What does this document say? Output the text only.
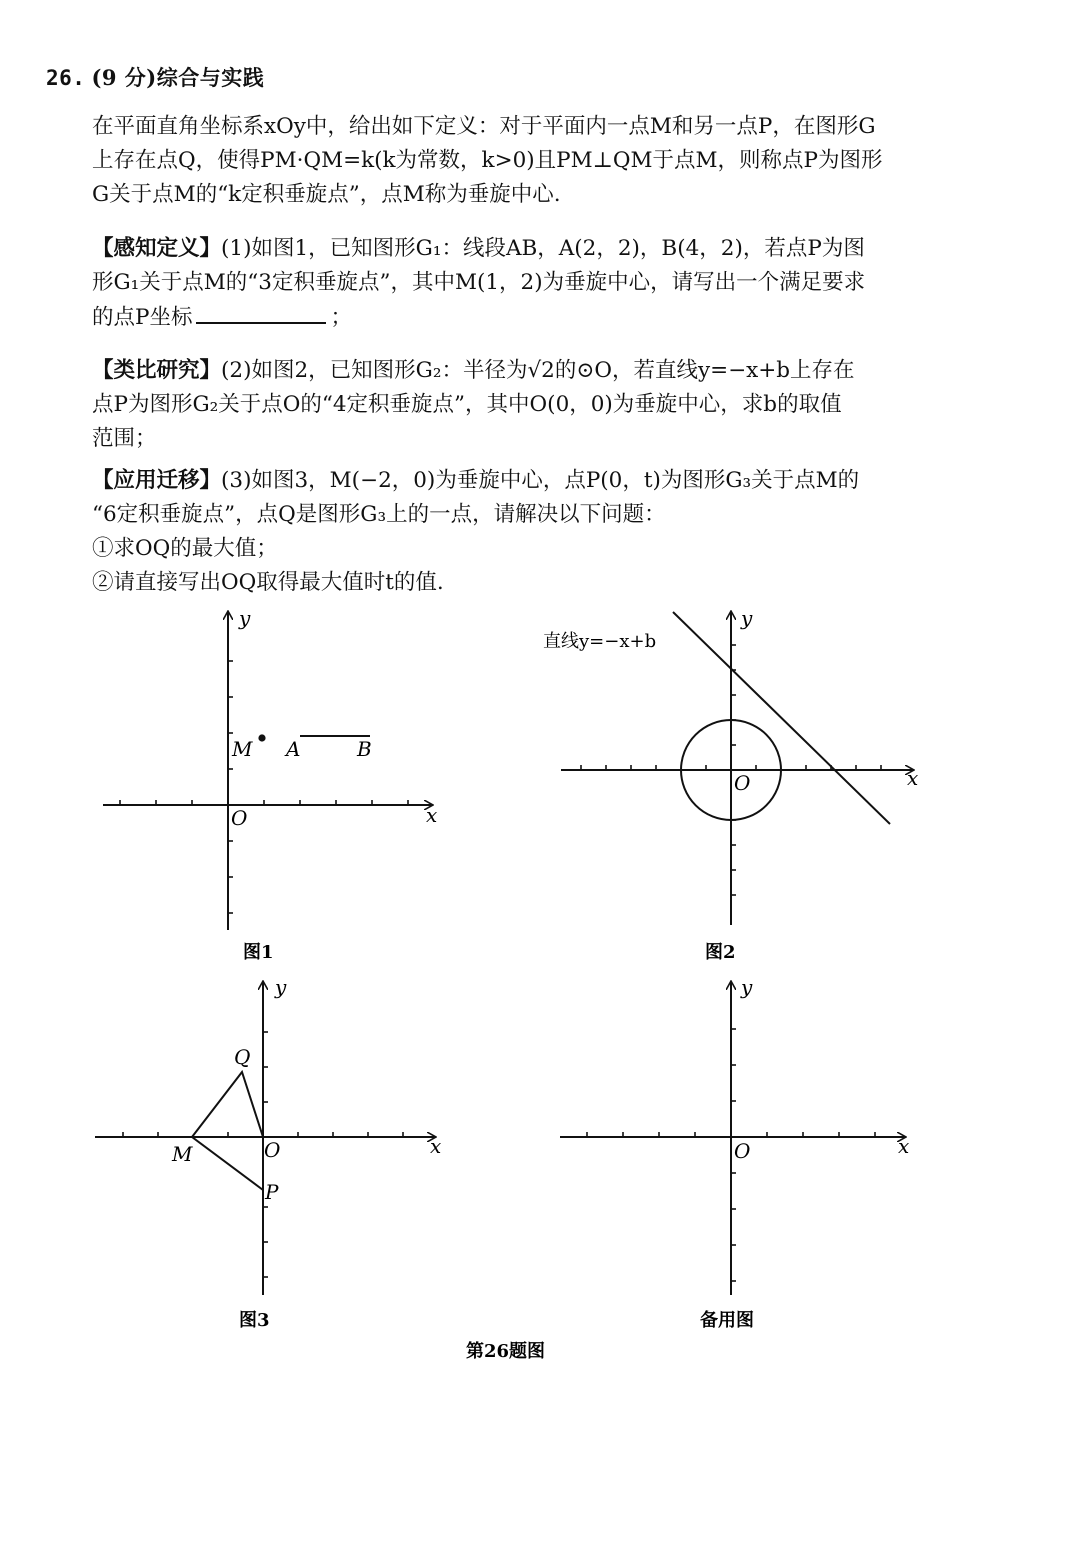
26. (9 分)综合与实践
在平面直角坐标系xOy中，给出如下定义：对于平面内一点M和另一点P，在图形G
上存在点Q，使得PM·QM=k(k为常数，k>0)且PM⊥QM于点M，则称点P为图形
G关于点M的“k定积垂旋点”，点M称为垂旋中心.
【感知定义】(1)如图1，已知图形G₁：线段AB，A(2，2)，B(4，2)，若点P为图
形G₁关于点M的“3定积垂旋点”，其中M(1，2)为垂旋中心，请写出一个满足要求
的点P坐标	；
【类比研究】(2)如图2，已知图形G₂：半径为√2的⊙O，若直线y=−x+b上存在
点P为图形G₂关于点O的“4定积垂旋点”，其中O(0，0)为垂旋中心，求b的取值
范围；
【应用迁移】(3)如图3，M(−2，0)为垂旋中心，点P(0，t)为图形G₃关于点M的
“6定积垂旋点”，点Q是图形G₃上的一点，请解决以下问题：
①求OQ的最大值；
②请直接写出OQ取得最大值时t的值.
y
x
O
M A	B
图1
y
x
O
直线y=−x+b
图2
y
x
O
M
Q
P
图3
y
x
O
备用图
第26题图
